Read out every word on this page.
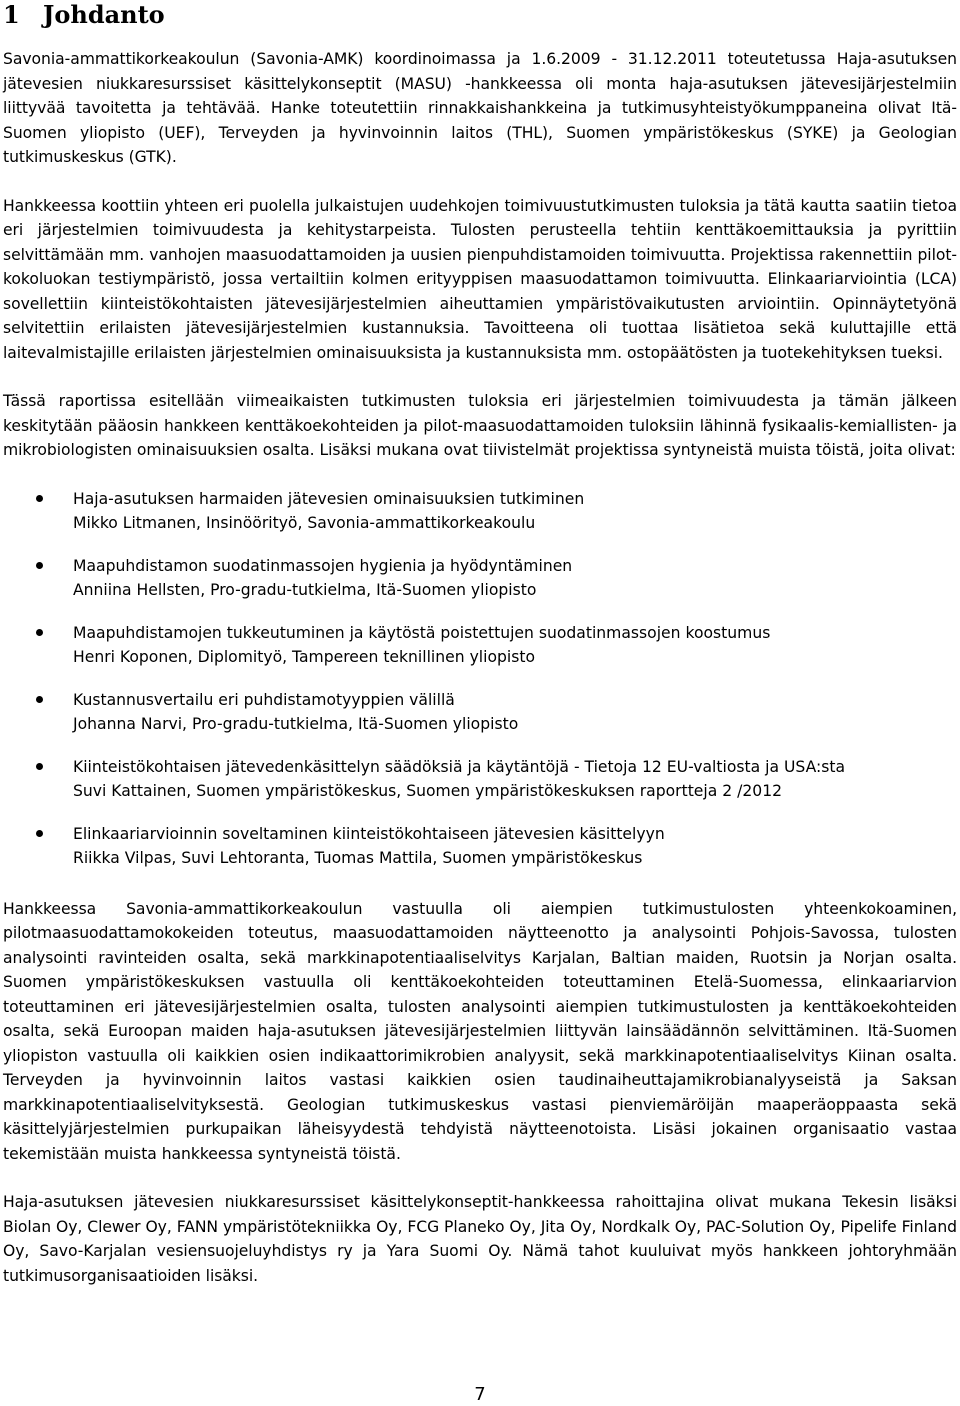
1 Johdanto

Savonia-ammattikorkeakoulun (Savonia-AMK) koordinoimassa ja 1.6.2009 - 31.12.2011 toteutetussa Haja-asutuksen jätevesien niukkaresurssiset käsittelykonseptit (MASU) -hankkeessa oli monta haja-asutuksen jätevesijärjestelmiin liittyvää tavoitetta ja tehtävää. Hanke toteutettiin rinnakkaishankkeina ja tutkimusyhteistyökumppaneina olivat Itä-Suomen yliopisto (UEF), Terveyden ja hyvinvoinnin laitos (THL), Suomen ympäristökeskus (SYKE) ja Geologian tutkimuskeskus (GTK).

Hankkeessa koottiin yhteen eri puolella julkaistujen uudehkojen toimivuustutkimusten tuloksia ja tätä kautta saatiin tietoa eri järjestelmien toimivuudesta ja kehitystarpeista. Tulosten perusteella tehtiin kenttäkoemittauksia ja pyrittiin selvittämään mm. vanhojen maasuodattamoiden ja uusien pienpuhdistamoiden toimivuutta. Projektissa rakennettiin pilot-kokoluokan testiympäristö, jossa vertailtiin kolmen erityyppisen maasuodattamon toimivuutta. Elinkaariarviointia (LCA) sovellettiin kiinteistökohtaisten jätevesijärjestelmien aiheuttamien ympäristövaikutusten arviointiin. Opinnäytetyönä selvitettiin erilaisten jätevesijärjestelmien kustannuksia. Tavoitteena oli tuottaa lisätietoa sekä kuluttajille että laitevalmistajille erilaisten järjestelmien ominaisuuksista ja kustannuksista mm. ostopäätösten ja tuotekehityksen tueksi.

Tässä raportissa esitellään viimeaikaisten tutkimusten tuloksia eri järjestelmien toimivuudesta ja tämän jälkeen keskitytään pääosin hankkeen kenttäkoekohteiden ja pilot-maasuodattamoiden tuloksiin lähinnä fysikaalis-kemiallisten- ja mikrobiologisten ominaisuuksien osalta. Lisäksi mukana ovat tiivistelmät projektissa syntyneistä muista töistä, joita olivat:

Haja-asutuksen harmaiden jätevesien ominaisuuksien tutkiminen
Mikko Litmanen, Insinöörityö, Savonia-ammattikorkeakoulu
Maapuhdistamon suodatinmassojen hygienia ja hyödyntäminen
Anniina Hellsten, Pro-gradu-tutkielma, Itä-Suomen yliopisto
Maapuhdistamojen tukkeutuminen ja käytöstä poistettujen suodatinmassojen koostumus
Henri Koponen, Diplomityö, Tampereen teknillinen yliopisto
Kustannusvertailu eri puhdistamotyyppien välillä
Johanna Narvi, Pro-gradu-tutkielma, Itä-Suomen yliopisto
Kiinteistökohtaisen jätevedenkäsittelyn säädöksiä ja käytäntöjä - Tietoja 12 EU-valtiosta ja USA:sta
Suvi Kattainen, Suomen ympäristökeskus, Suomen ympäristökeskuksen raportteja 2 /2012
Elinkaariarvioinnin soveltaminen kiinteistökohtaiseen jätevesien käsittelyyn
Riikka Vilpas, Suvi Lehtoranta, Tuomas Mattila, Suomen ympäristökeskus

Hankkeessa Savonia-ammattikorkeakoulun vastuulla oli aiempien tutkimustulosten yhteenkokoaminen, pilotmaasuodattamokokeiden toteutus, maasuodattamoiden näytteenotto ja analysointi Pohjois-Savossa, tulosten analysointi ravinteiden osalta, sekä markkinapotentiaaliselvitys Karjalan, Baltian maiden, Ruotsin ja Norjan osalta. Suomen ympäristökeskuksen vastuulla oli kenttäkoekohteiden toteuttaminen Etelä-Suomessa, elinkaariarvion toteuttaminen eri jätevesijärjestelmien osalta, tulosten analysointi aiempien tutkimustulosten ja kenttäkoekohteiden osalta, sekä Euroopan maiden haja-asutuksen jätevesijärjestelmien liittyvän lainsäädännön selvittäminen. Itä-Suomen yliopiston vastuulla oli kaikkien osien indikaattorimikrobien analyysit, sekä markkinapotentiaaliselvitys Kiinan osalta. Terveyden ja hyvinvoinnin laitos vastasi kaikkien osien taudinaiheuttajamikrobianalyyseistä ja Saksan markkinapotentiaaliselvityksestä. Geologian tutkimuskeskus vastasi pienviemäröijän maaperäoppaasta sekä käsittelyjärjestelmien purkupaikan läheisyydestä tehdyistä näytteenotoista. Lisäsi jokainen organisaatio vastaa tekemistään muista hankkeessa syntyneistä töistä.

Haja-asutuksen jätevesien niukkaresurssiset käsittelykonseptit-hankkeessa rahoittajina olivat mukana Tekesin lisäksi Biolan Oy, Clewer Oy, FANN ympäristötekniikka Oy, FCG Planeko Oy, Jita Oy, Nordkalk Oy, PAC-Solution Oy, Pipelife Finland Oy, Savo-Karjalan vesiensuojeluyhdistys ry ja Yara Suomi Oy. Nämä tahot kuuluivat myös hankkeen johtoryhmään tutkimusorganisaatioiden lisäksi.

7
